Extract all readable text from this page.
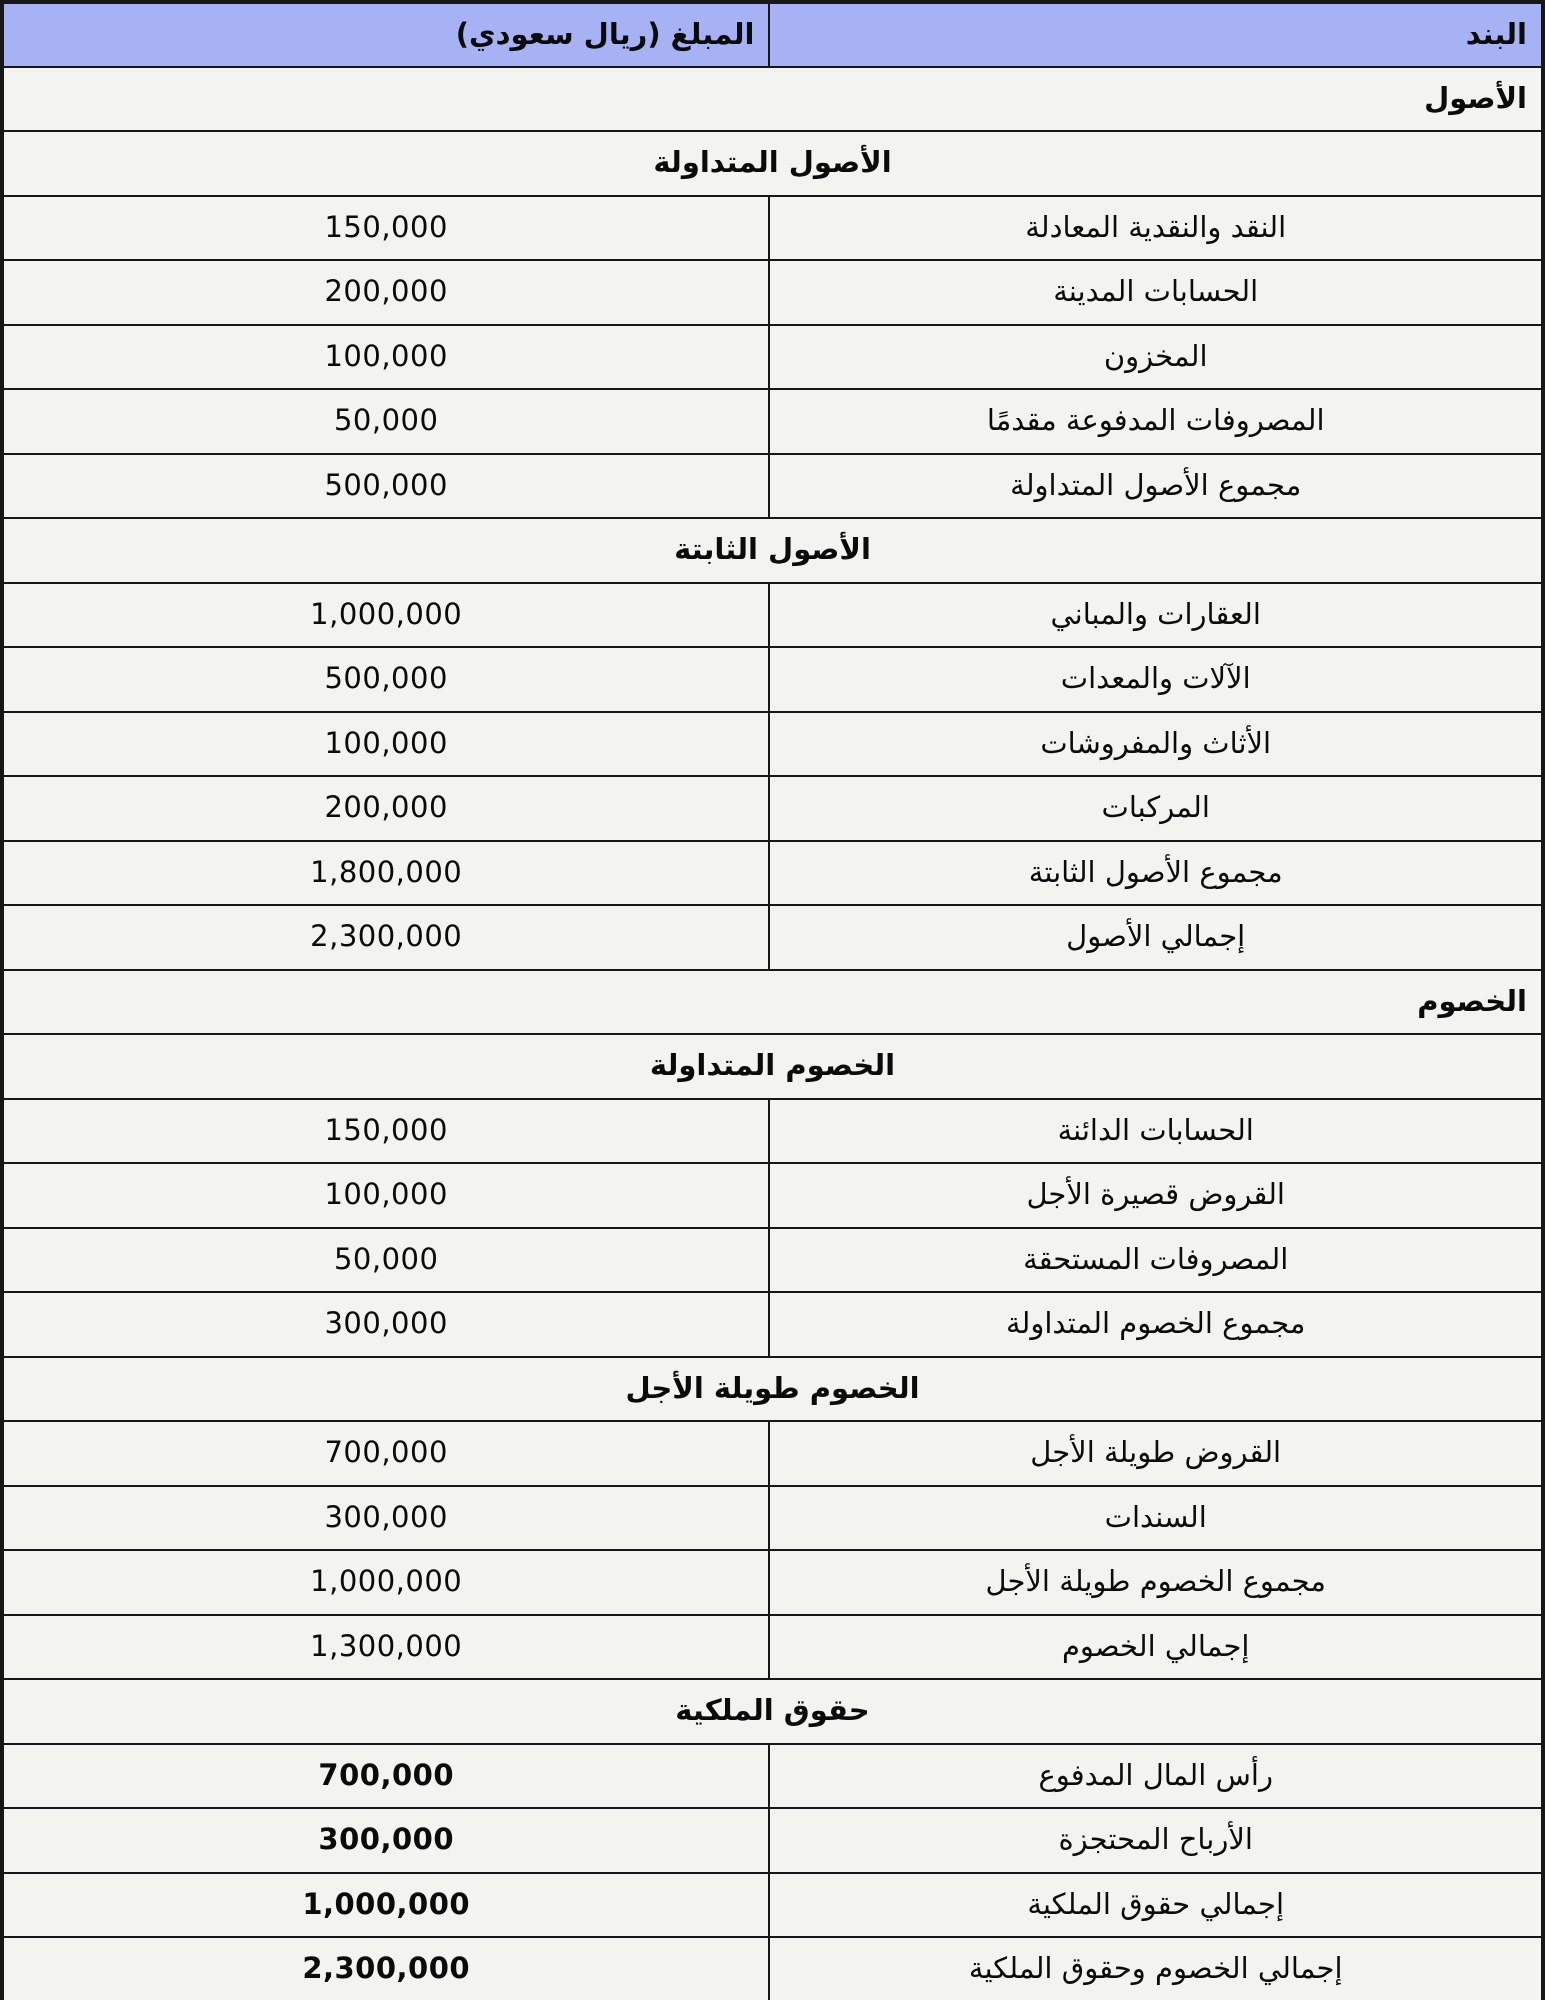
البند	المبلغ (ريال سعودي)
الأصول	
الأصول المتداولة	
النقد والنقدية المعادلة	150,000
الحسابات المدينة	200,000
المخزون	100,000
المصروفات المدفوعة مقدمًا	50,000
مجموع الأصول المتداولة	500,000
الأصول الثابتة	
العقارات والمباني	1,000,000
الآلات والمعدات	500,000
الأثاث والمفروشات	100,000
المركبات	200,000
مجموع الأصول الثابتة	1,800,000
إجمالي الأصول	2,300,000
الخصوم	
الخصوم المتداولة	
الحسابات الدائنة	150,000
القروض قصيرة الأجل	100,000
المصروفات المستحقة	50,000
مجموع الخصوم المتداولة	300,000
الخصوم طويلة الأجل	
القروض طويلة الأجل	700,000
السندات	300,000
مجموع الخصوم طويلة الأجل	1,000,000
إجمالي الخصوم	1,300,000
حقوق الملكية	
رأس المال المدفوع	700,000
الأرباح المحتجزة	300,000
إجمالي حقوق الملكية	1,000,000
إجمالي الخصوم وحقوق الملكية	2,300,000
